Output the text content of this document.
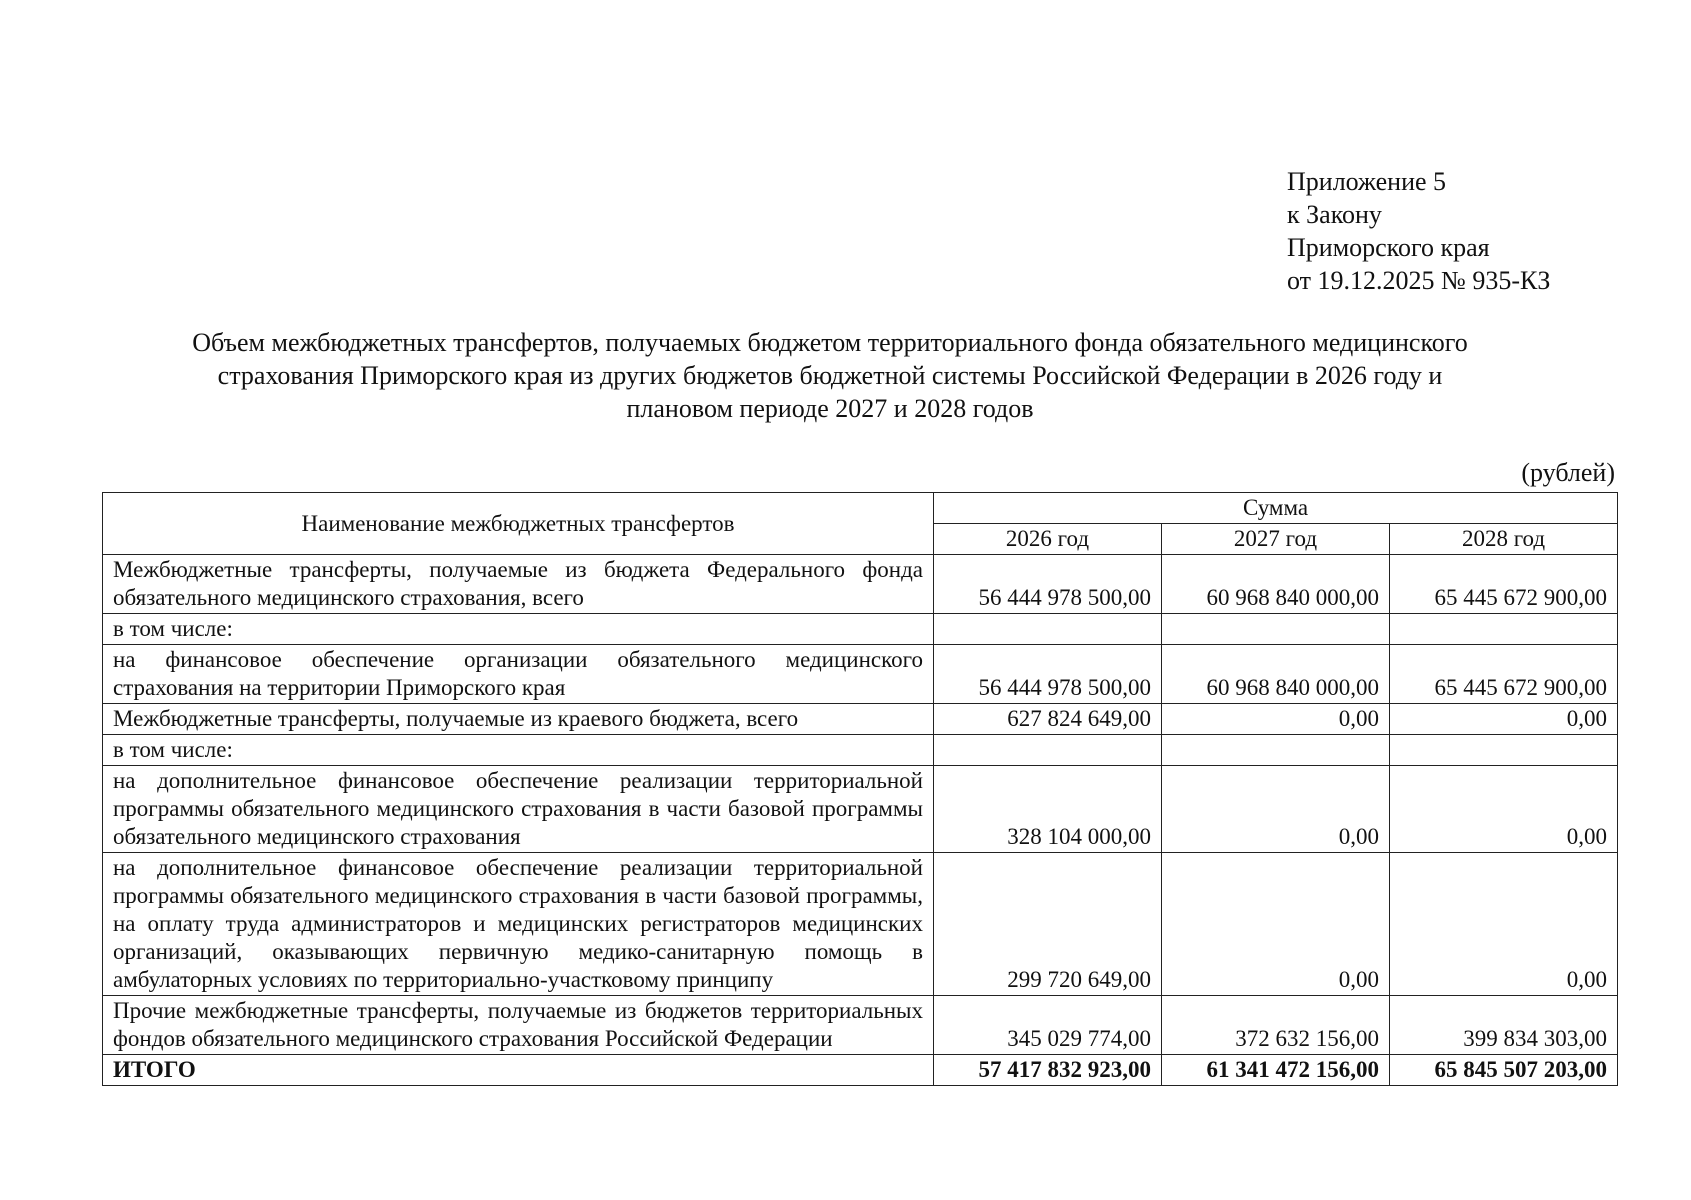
Приложение 5
к Закону
Приморского края
от 19.12.2025 № 935-КЗ
Объем межбюджетных трансфертов, получаемых бюджетом территориального фонда обязательного медицинского страхования Приморского края из других бюджетов бюджетной системы Российской Федерации в 2026 году и плановом периоде 2027 и 2028 годов
(рублей)
Наименование межбюджетных трансфертов	Сумма		
	2026 год	2027 год	2028 год
Межбюджетные трансферты, получаемые из бюджета Федерального фонда обязательного медицинского страхования, всего	56 444 978 500,00	60 968 840 000,00	65 445 672 900,00
в том числе:			
на финансовое обеспечение организации обязательного медицинского страхования на территории Приморского края	56 444 978 500,00	60 968 840 000,00	65 445 672 900,00
Межбюджетные трансферты, получаемые из краевого бюджета, всего	627 824 649,00	0,00	0,00
в том числе:			
на дополнительное финансовое обеспечение реализации территориальной программы обязательного медицинского страхования в части базовой программы обязательного медицинского страхования	328 104 000,00	0,00	0,00
на дополнительное финансовое обеспечение реализации территориальной программы обязательного медицинского страхования в части базовой программы, на оплату труда администраторов и медицинских регистраторов медицинских организаций, оказывающих первичную медико-санитарную помощь в амбулаторных условиях по территориально-участковому принципу	299 720 649,00	0,00	0,00
Прочие межбюджетные трансферты, получаемые из бюджетов территориальных фондов обязательного медицинского страхования Российской Федерации	345 029 774,00	372 632 156,00	399 834 303,00
ИТОГО	57 417 832 923,00	61 341 472 156,00	65 845 507 203,00
